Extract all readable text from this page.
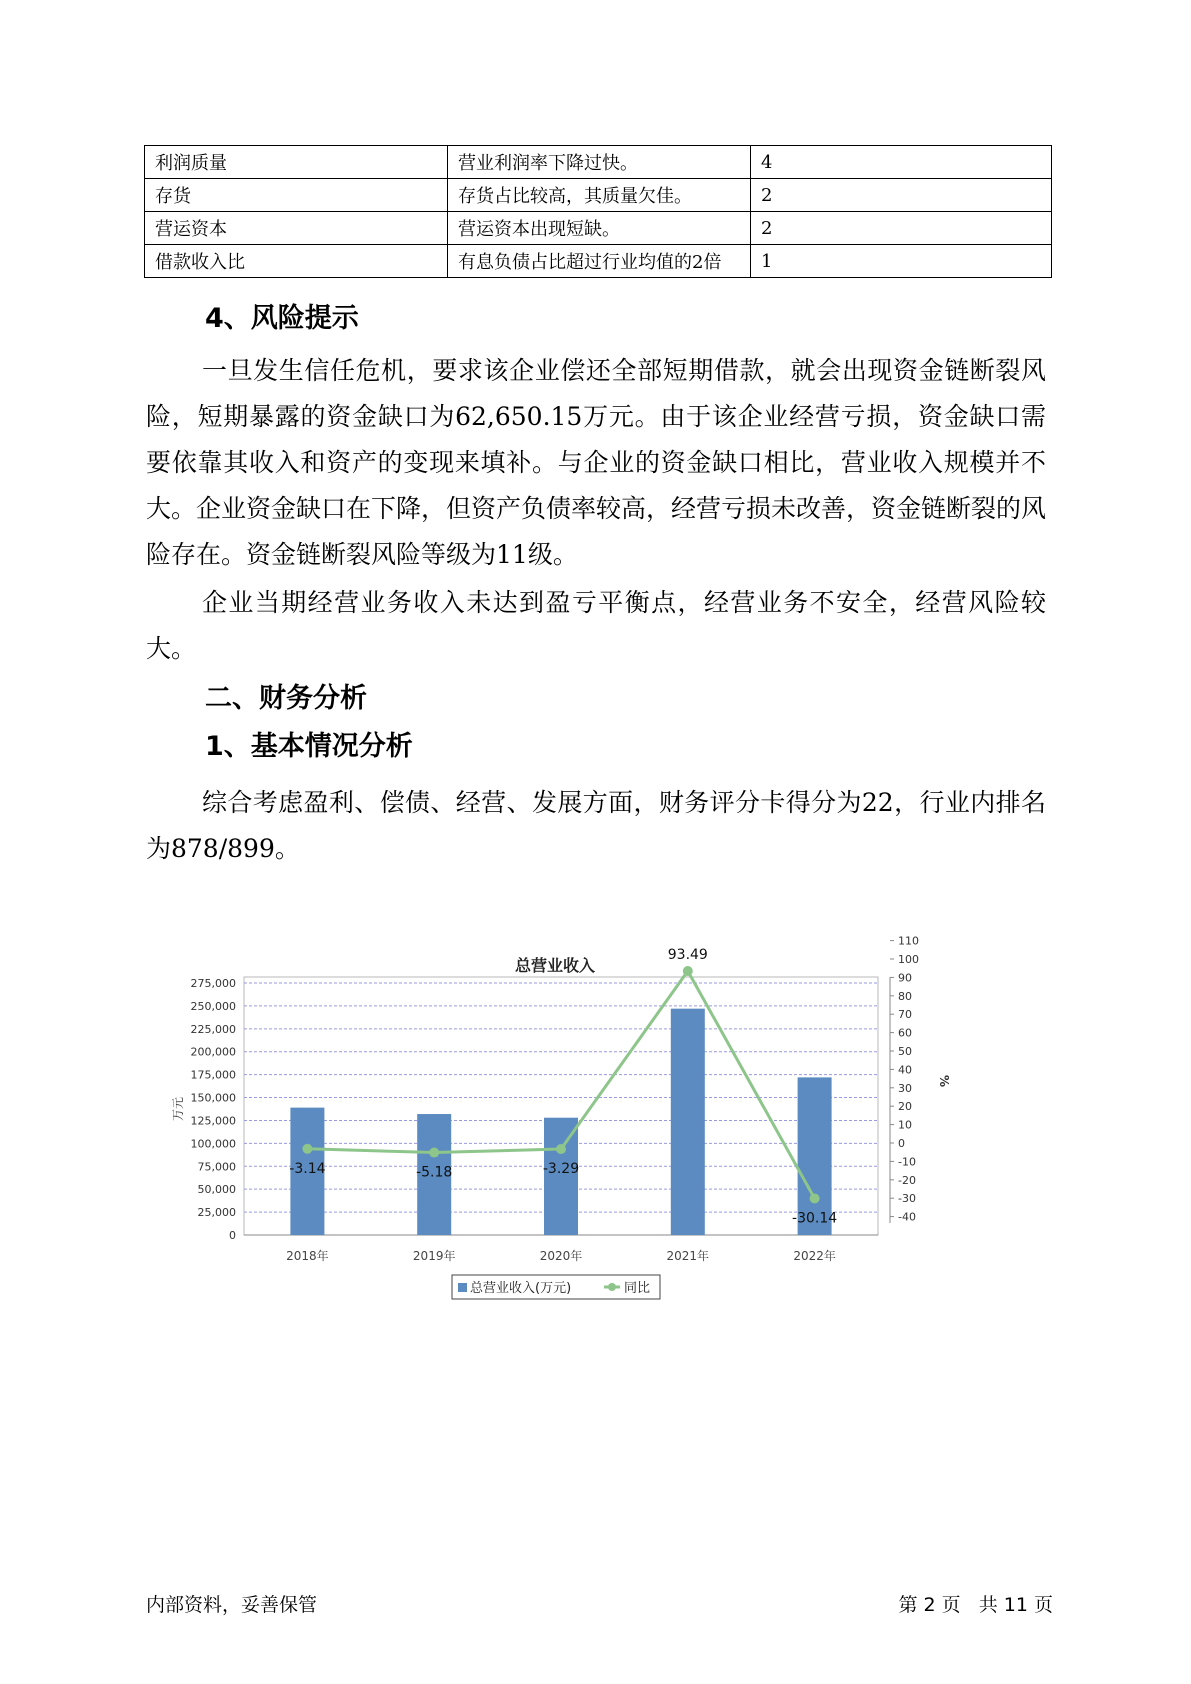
利润质量	营业利润率下降过快。	4
存货	存货占比较高，其质量欠佳。	2
营运资本	营运资本出现短缺。	2
借款收入比	有息负债占比超过行业均值的2倍	1
4、风险提示

一旦发生信任危机，要求该企业偿还全部短期借款，就会出现资金链断裂风险，短期暴露的资金缺口为62,650.15万元。由于该企业经营亏损，资金缺口需要依靠其收入和资产的变现来填补。与企业的资金缺口相比，营业收入规模并不大。企业资金缺口在下降，但资产负债率较高，经营亏损未改善，资金链断裂的风险存在。资金链断裂风险等级为11级。

企业当期经营业务收入未达到盈亏平衡点，经营业务不安全，经营风险较大。

二、财务分析
1、基本情况分析

综合考虑盈利、偿债、经营、发展方面，财务评分卡得分为22，行业内排名为878/899。

总营业收入
0
25,000
50,000
75,000
100,000
125,000
150,000
175,000
200,000
225,000
250,000
275,000
万元
-40
-30
-20
-10
0
10
20
30
40
50
60
70
80
90
100
110
%
2018年	2019年	2020年	2021年	2022年
-3.14	-5.18	-3.29
93.49
-30.14
总营业收入(万元)	同比
内部资料，妥善保管	第 2 页   共 11 页
